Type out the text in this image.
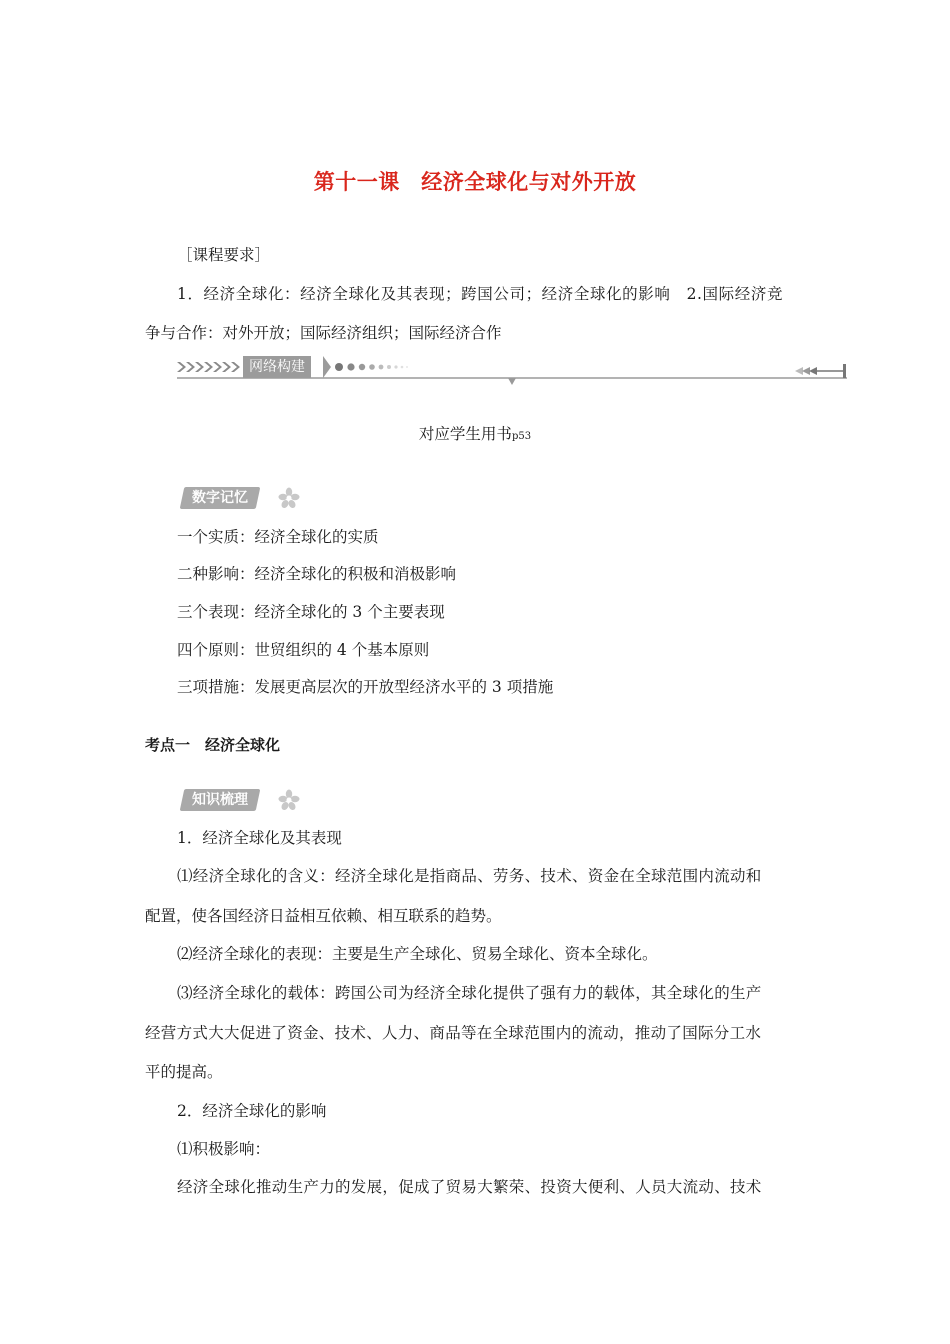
第十一课　经济全球化与对外开放
［课程要求］
1．经济全球化：经济全球化及其表现；跨国公司；经济全球化的影响　2.国际经济竞
争与合作：对外开放；国际经济组织；国际经济合作
网络构建
对应学生用书p53
数字记忆
一个实质：经济全球化的实质
二种影响：经济全球化的积极和消极影响
三个表现：经济全球化的 3 个主要表现
四个原则：世贸组织的 4 个基本原则
三项措施：发展更高层次的开放型经济水平的 3 项措施
考点一　经济全球化
知识梳理
1．经济全球化及其表现
⑴经济全球化的含义：经济全球化是指商品、劳务、技术、资金在全球范围内流动和
配置，使各国经济日益相互依赖、相互联系的趋势。
⑵经济全球化的表现：主要是生产全球化、贸易全球化、资本全球化。
⑶经济全球化的载体：跨国公司为经济全球化提供了强有力的载体，其全球化的生产
经营方式大大促进了资金、技术、人力、商品等在全球范围内的流动，推动了国际分工水
平的提高。
2．经济全球化的影响
⑴积极影响：
经济全球化推动生产力的发展，促成了贸易大繁荣、投资大便利、人员大流动、技术
